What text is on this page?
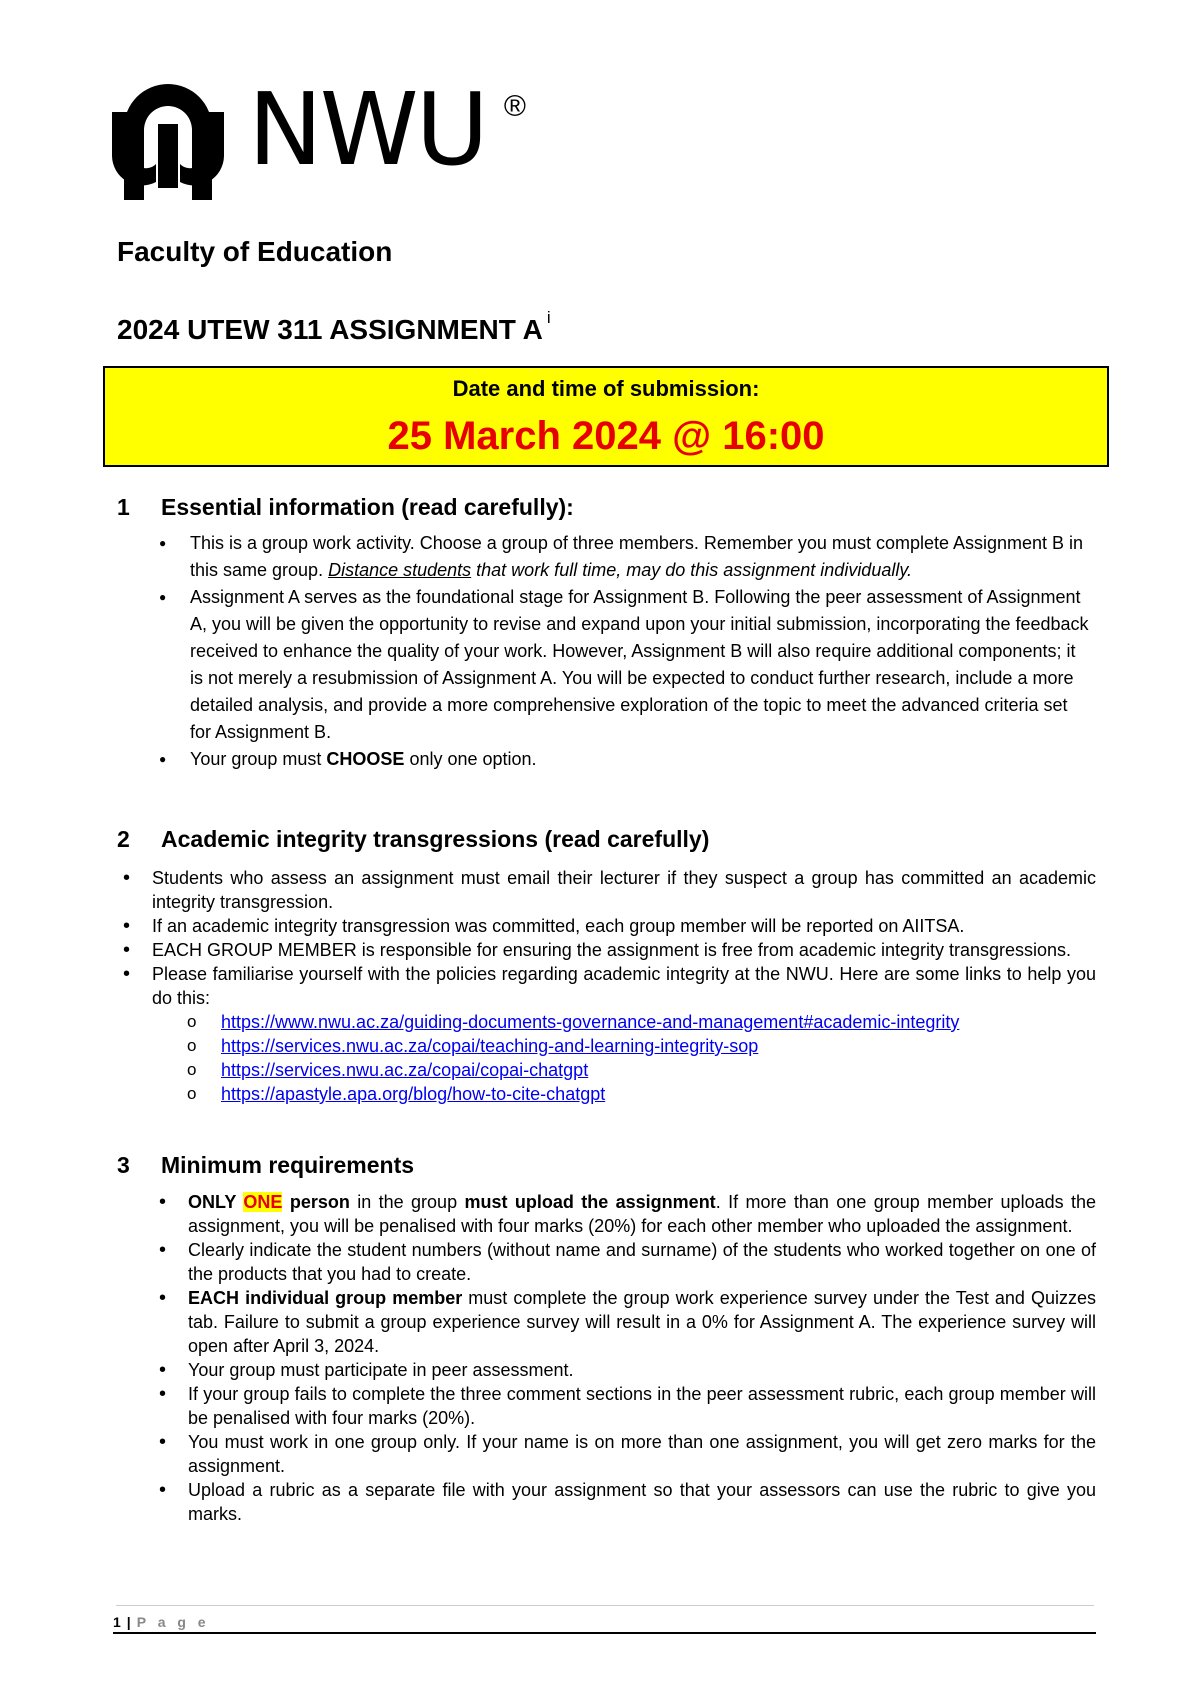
NWU ®
Faculty of Education
2024 UTEW 311 ASSIGNMENT A $^i$
Date and time of submission:
25 March 2024 @ 16:00
1	Essential information (read carefully):
● This is a group work activity. Choose a group of three members. Remember you must complete Assignment B in this same group. Distance students that work full time, may do this assignment individually.
● Assignment A serves as the foundational stage for Assignment B. Following the peer assessment of Assignment A, you will be given the opportunity to revise and expand upon your initial submission, incorporating the feedback received to enhance the quality of your work. However, Assignment B will also require additional components; it is not merely a resubmission of Assignment A. You will be expected to conduct further research, include a more detailed analysis, and provide a more comprehensive exploration of the topic to meet the advanced criteria set for Assignment B.
● Your group must CHOOSE only one option.
2	Academic integrity transgressions (read carefully)
• Students who assess an assignment must email their lecturer if they suspect a group has committed an academic integrity transgression.
• If an academic integrity transgression was committed, each group member will be reported on AIITSA.
• EACH GROUP MEMBER is responsible for ensuring the assignment is free from academic integrity transgressions.
• Please familiarise yourself with the policies regarding academic integrity at the NWU. Here are some links to help you do this:
o https://www.nwu.ac.za/guiding-documents-governance-and-management#academic-integrity
o https://services.nwu.ac.za/copai/teaching-and-learning-integrity-sop
o https://services.nwu.ac.za/copai/copai-chatgpt
o https://apastyle.apa.org/blog/how-to-cite-chatgpt
3	Minimum requirements
• ONLY ONE person in the group must upload the assignment. If more than one group member uploads the assignment, you will be penalised with four marks (20%) for each other member who uploaded the assignment.
• Clearly indicate the student numbers (without name and surname) of the students who worked together on one of the products that you had to create.
• EACH individual group member must complete the group work experience survey under the Test and Quizzes tab. Failure to submit a group experience survey will result in a 0% for Assignment A. The experience survey will open after April 3, 2024.
• Your group must participate in peer assessment.
• If your group fails to complete the three comment sections in the peer assessment rubric, each group member will be penalised with four marks (20%).
• You must work in one group only. If your name is on more than one assignment, you will get zero marks for the assignment.
• Upload a rubric as a separate file with your assignment so that your assessors can use the rubric to give you marks.
1 | P a g e
